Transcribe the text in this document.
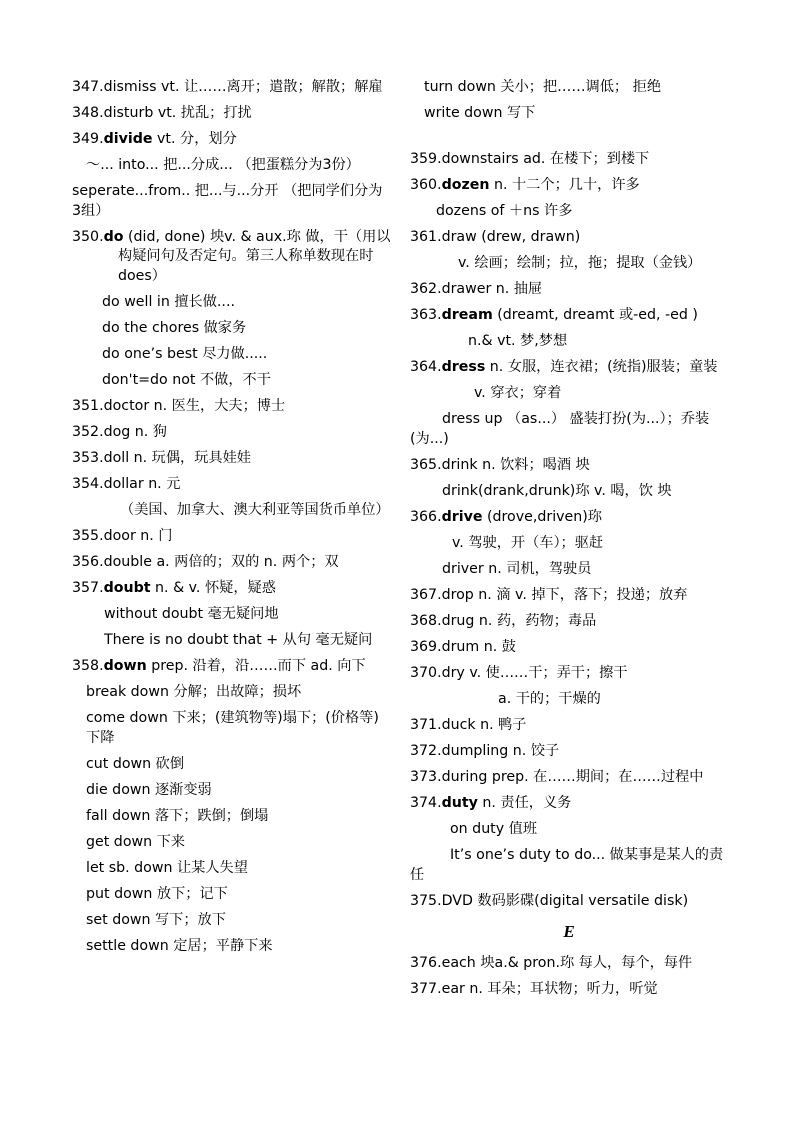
347.dismiss vt. 让……离开；遣散；解散；解雇
348.disturb vt. 扰乱；打扰
349.divide vt. 分，划分
～... into... 把...分成... （把蛋糕分为3份）
seperate...from.. 把...与...分开 （把同学们分为3组）
350.do (did, done) 坱v. & aux.珎 做，干（用以
构疑问句及否定句。第三人称单数现在时 does）
do well in 擅长做....
do the chores 做家务
do one’s best 尽力做.....
don't=do not 不做，不干
351.doctor n. 医生，大夫；博士
352.dog n. 狗
353.doll n. 玩偶，玩具娃娃
354.dollar n. 元
（美国、加拿大、澳大利亚等国货币单位）
355.door n. 门
356.double a. 两倍的；双的 n. 两个；双
357.doubt n. & v. 怀疑，疑惑
without doubt 毫无疑问地
There is no doubt that + 从句 毫无疑问
358.down prep. 沿着，沿……而下 ad. 向下
break down 分解；出故障；损坏
come down 下来；(建筑物等)塌下；(价格等)下降
cut down 砍倒
die down 逐渐变弱
fall down 落下；跌倒；倒塌
get down 下来
let sb. down 让某人失望
put down 放下；记下
set down 写下；放下
settle down 定居；平静下来
turn down 关小；把……调低； 拒绝
write down 写下
359.downstairs ad. 在楼下；到楼下
360.dozen n. 十二个；几十，许多
dozens of ＋ns 许多
361.draw (drew, drawn)
v. 绘画；绘制；拉，拖；提取（金钱）
362.drawer n. 抽屉
363.dream (dreamt, dreamt 或-ed, -ed )
n.& vt. 梦,梦想
364.dress n. 女服，连衣裙；(统指)服装；童装
v. 穿衣；穿着
dress up （as...） 盛装打扮(为...）；乔装(为...)
365.drink n. 饮料；喝酒 坱
drink(drank,drunk)珎 v. 喝，饮 坱
366.drive (drove,driven)珎
v. 驾驶，开（车）；驱赶
driver n. 司机，驾驶员
367.drop n. 滴 v. 掉下，落下；投递；放弃
368.drug n. 药，药物；毒品
369.drum n. 鼓
370.dry v. 使……干；弄干；擦干
a. 干的；干燥的
371.duck n. 鸭子
372.dumpling n. 饺子
373.during prep. 在……期间；在……过程中
374.duty n. 责任，义务
on duty 值班
It’s one’s duty to do... 做某事是某人的责任
375.DVD 数码影碟(digital versatile disk)
E
376.each 坱a.& pron.珎 每人，每个，每件
377.ear n. 耳朵；耳状物；听力，听觉
